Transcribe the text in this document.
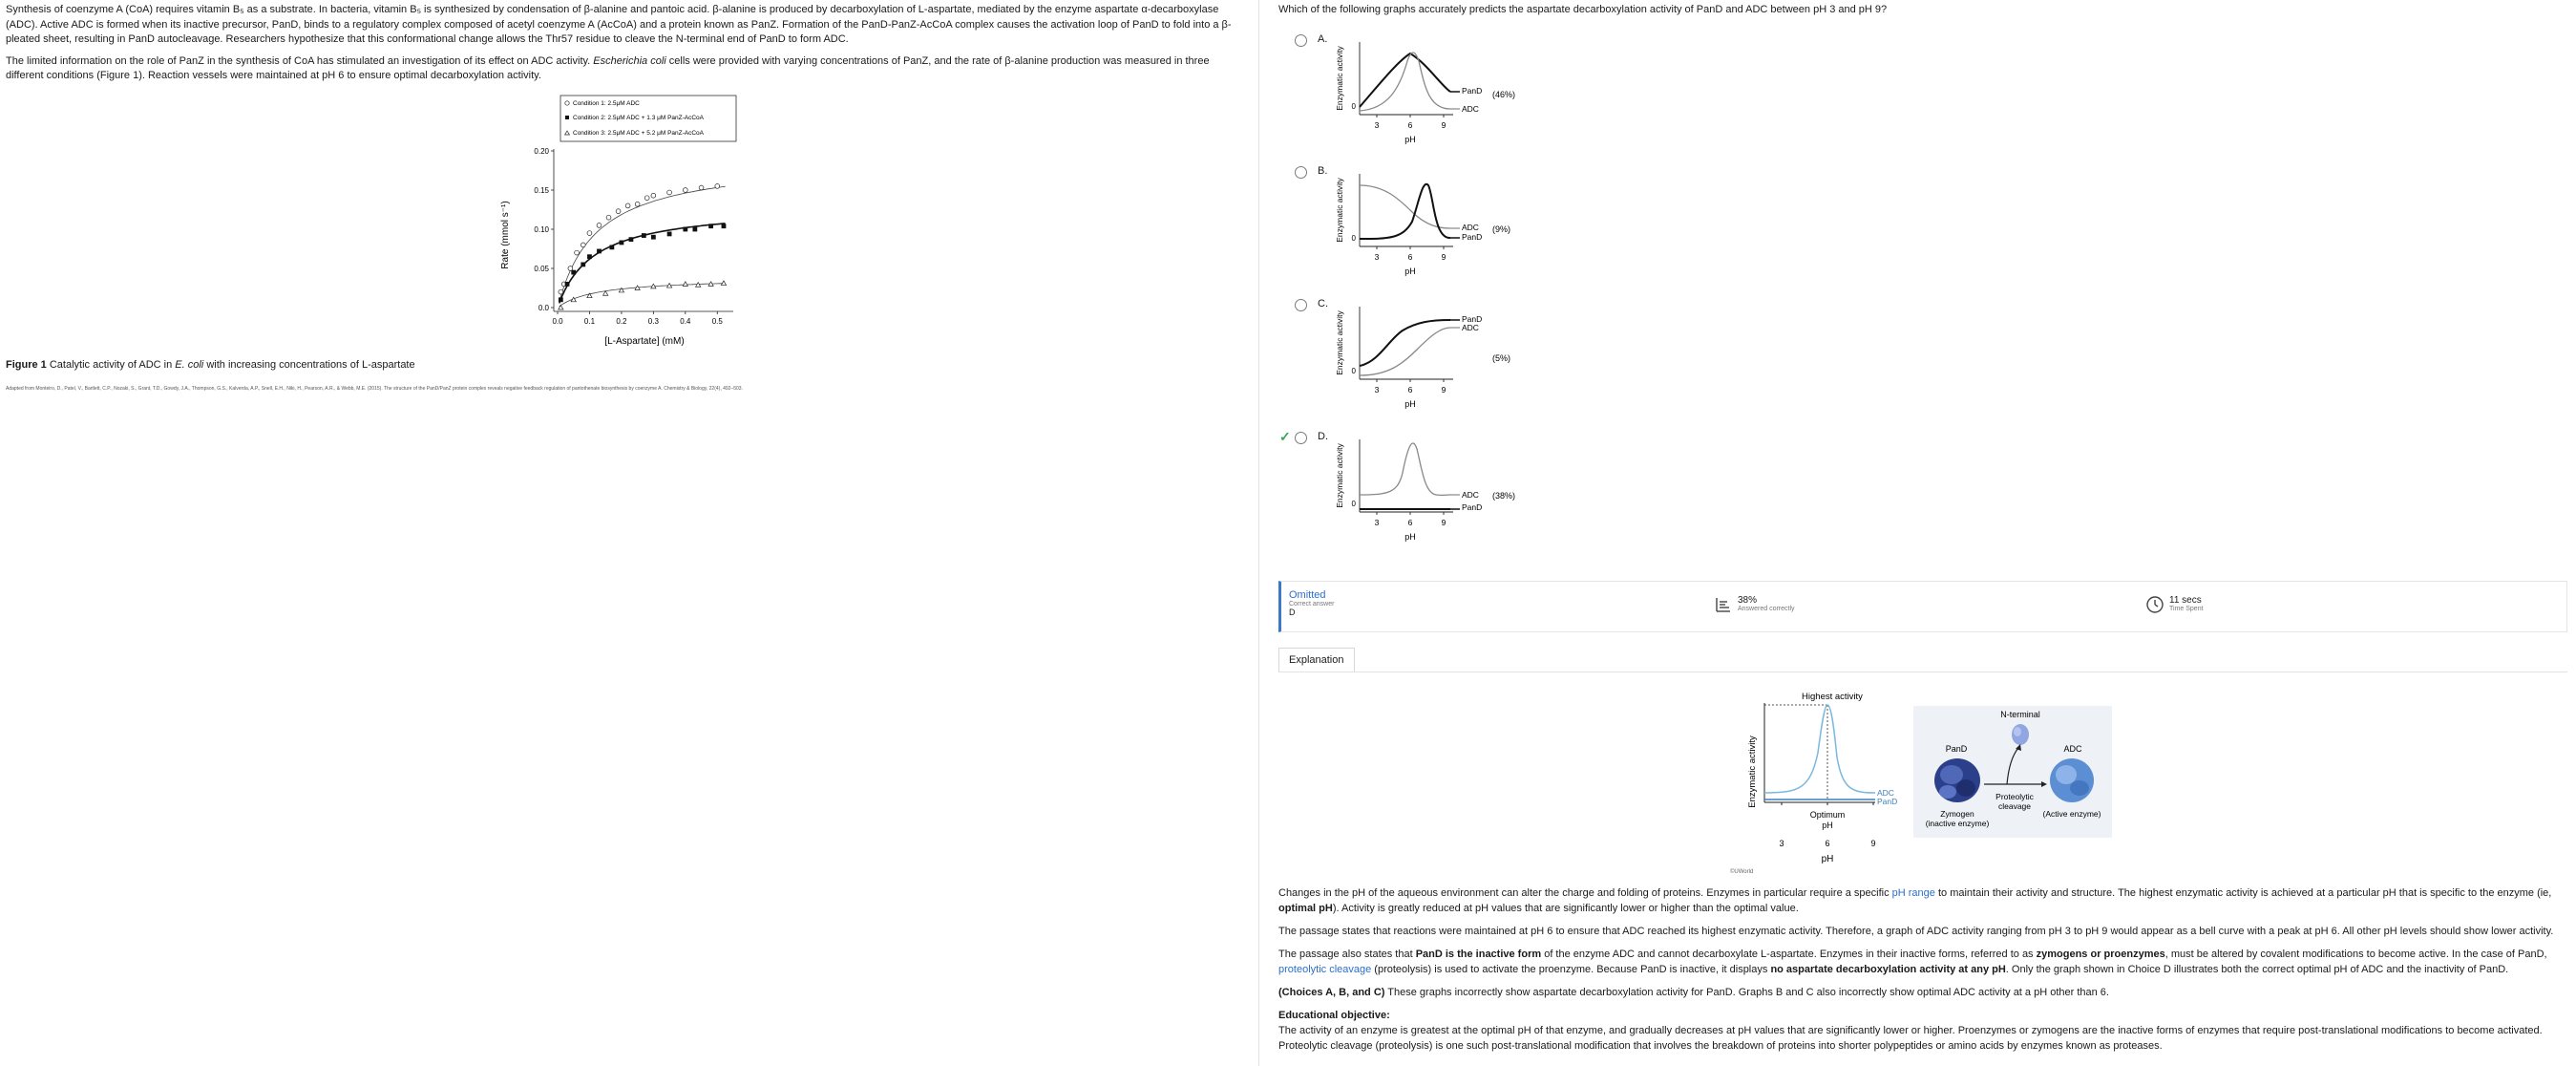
Synthesis of coenzyme A (CoA) requires vitamin B₅ as a substrate. In bacteria, vitamin B₅ is synthesized by condensation of β-alanine and pantoic acid. β-alanine is produced by decarboxylation of L-aspartate, mediated by the enzyme aspartate α-decarboxylase (ADC). Active ADC is formed when its inactive precursor, PanD, binds to a regulatory complex composed of acetyl coenzyme A (AcCoA) and a protein known as PanZ. Formation of the PanD-PanZ-AcCoA complex causes the activation loop of PanD to fold into a β-pleated sheet, resulting in PanD autocleavage. Researchers hypothesize that this conformational change allows the Thr57 residue to cleave the N-terminal end of PanD to form ADC.

The limited information on the role of PanZ in the synthesis of CoA has stimulated an investigation of its effect on ADC activity. Escherichia coli cells were provided with varying concentrations of PanZ, and the rate of β-alanine production was measured in three different conditions (Figure 1). Reaction vessels were maintained at pH 6 to ensure optimal decarboxylation activity.

Condition 1: 2.5μM ADC
Condition 2: 2.5μM ADC + 1.3 μM PanZ-AcCoA
Condition 3: 2.5μM ADC + 5.2 μM PanZ-AcCoA
0.0
0.05
0.10
0.15
0.20
0.0	0.1	0.2	0.3	0.4	0.5
Rate (mmol s⁻¹)
[L-Aspartate] (mM)
Figure 1 Catalytic activity of ADC in E. coli with increasing concentrations of L-aspartate
Adapted from Monteiro, D., Patel, V., Bartlett, C.P., Nozaki, S., Grant, T.D., Gowdy, J.A., Thompson, G.S., Kalverda, A.P., Snell, E.H., Niki, H., Pearson, A.R., & Webb, M.E. (2015). The structure of the PanD/PanZ protein complex reveals negative feedback regulation of pantothenate biosynthesis by coenzyme A. Chemistry & Biology, 22(4), 492–503.
Which of the following graphs accurately predicts the aspartate decarboxylation activity of PanD and ADC between pH 3 and pH 9?
A.
0
3	6	9
pH
Enzymatic activity	PanD
ADC
(46%)
B.
0
3	6	9
pH
Enzymatic activity	ADC
PanD
(9%)
C.
0
3	6	9
pH
Enzymatic activity	PanD
ADC
(5%)
✓	D.
0
3	6	9
pH
Enzymatic activity	ADC
PanD
(38%)
Omitted
Correct answer
D
38%
Answered correctly
11 secs
Time Spent
Explanation
Highest activity
ADC
PanD
Optimum
pH
3	6	9
pH
Enzymatic activity
N-terminal
PanD	ADC
Proteolytic
cleavage
Zymogen
(inactive enzyme)
(Active enzyme)
©UWorld

Changes in the pH of the aqueous environment can alter the charge and folding of proteins. Enzymes in particular require a specific pH range to maintain their activity and structure. The highest enzymatic activity is achieved at a particular pH that is specific to the enzyme (ie, optimal pH). Activity is greatly reduced at pH values that are significantly lower or higher than the optimal value.

The passage states that reactions were maintained at pH 6 to ensure that ADC reached its highest enzymatic activity. Therefore, a graph of ADC activity ranging from pH 3 to pH 9 would appear as a bell curve with a peak at pH 6. All other pH levels should show lower activity.

The passage also states that PanD is the inactive form of the enzyme ADC and cannot decarboxylate L-aspartate. Enzymes in their inactive forms, referred to as zymogens or proenzymes, must be altered by covalent modifications to become active. In the case of PanD, proteolytic cleavage (proteolysis) is used to activate the proenzyme. Because PanD is inactive, it displays no aspartate decarboxylation activity at any pH. Only the graph shown in Choice D illustrates both the correct optimal pH of ADC and the inactivity of PanD.

(Choices A, B, and C) These graphs incorrectly show aspartate decarboxylation activity for PanD. Graphs B and C also incorrectly show optimal ADC activity at a pH other than 6.

Educational objective:

The activity of an enzyme is greatest at the optimal pH of that enzyme, and gradually decreases at pH values that are significantly lower or higher. Proenzymes or zymogens are the inactive forms of enzymes that require post-translational modifications to become activated. Proteolytic cleavage (proteolysis) is one such post-translational modification that involves the breakdown of proteins into shorter polypeptides or amino acids by enzymes known as proteases.
